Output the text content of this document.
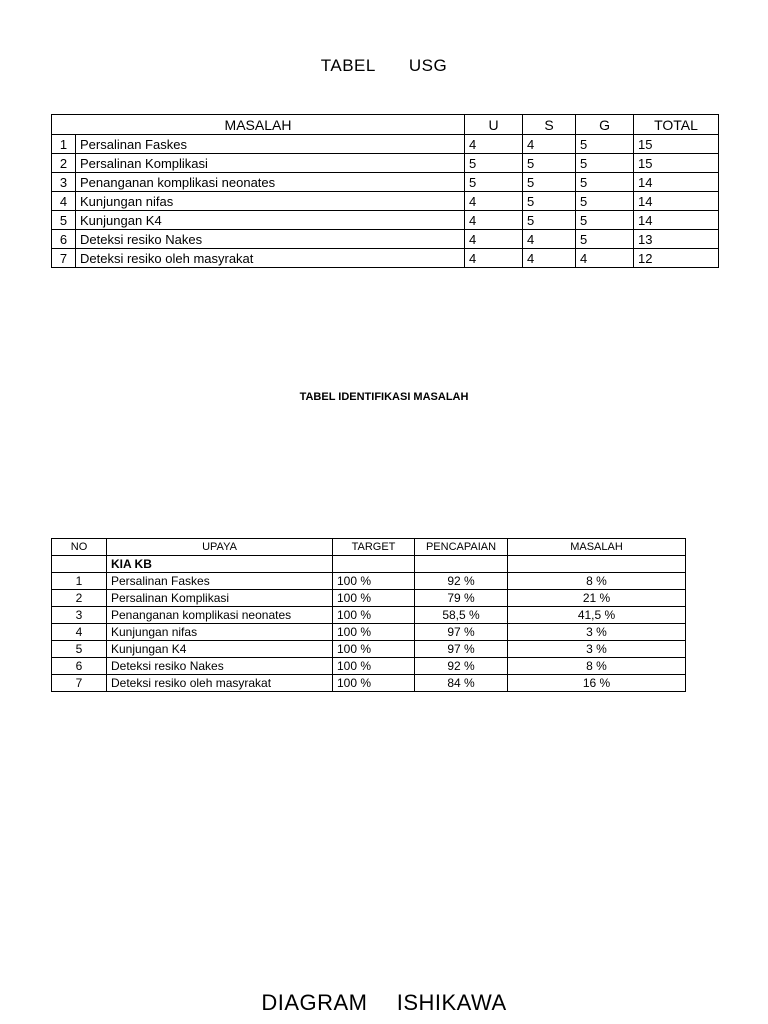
TABEL   USG
MASALAH		U	S	G	TOTAL
1	Persalinan Faskes	4	4	5	15
2	Persalinan Komplikasi	5	5	5	15
3	Penanganan komplikasi neonates	5	5	5	14
4	Kunjungan nifas	4	5	5	14
5	Kunjungan K4	4	5	5	14
6	Deteksi resiko Nakes	4	4	5	13
7	Deteksi resiko oleh masyrakat	4	4	4	12
TABEL IDENTIFIKASI MASALAH
NO	UPAYA	TARGET	PENCAPAIAN	MASALAH
	KIA KB			
1	Persalinan Faskes	100 %	92 %	8 %
2	Persalinan Komplikasi	100 %	79 %	21 %
3	Penanganan komplikasi neonates	100 %	58,5 %	41,5 %
4	Kunjungan nifas	100 %	97 %	3 %
5	Kunjungan K4	100 %	97 %	3 %
6	Deteksi resiko Nakes	100 %	92 %	8 %
7	Deteksi resiko oleh masyrakat	100 %	84 %	16 %
DIAGRAM  ISHIKAWA
